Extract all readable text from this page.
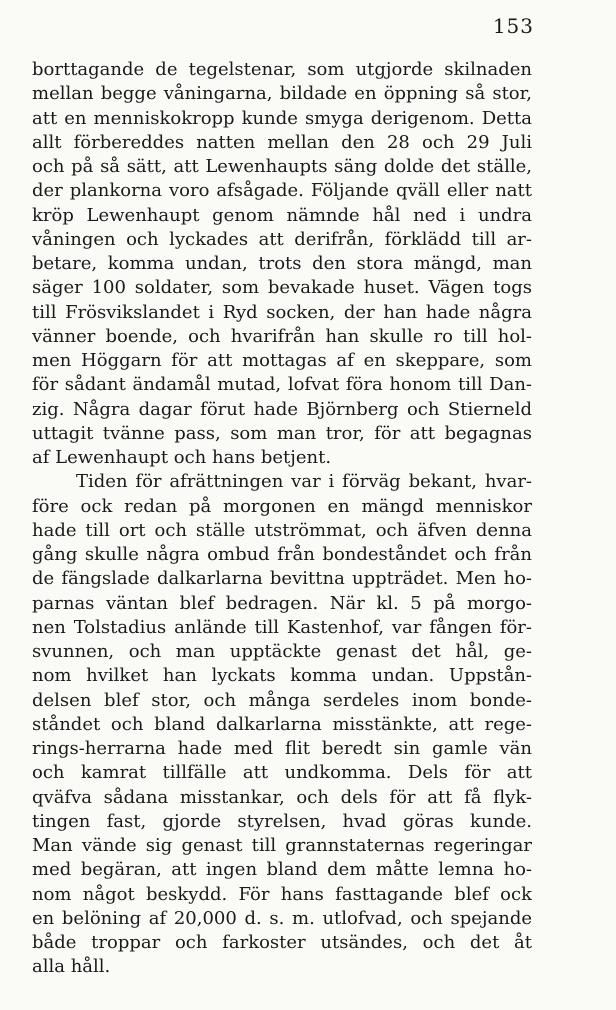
153
borttagande de tegelstenar, som utgjorde skilnaden
mellan begge våningarna, bildade en öppning så stor,
att en menniskokropp kunde smyga derigenom. Detta
allt förbereddes natten mellan den 28 och 29 Juli
och på så sätt, att Lewenhaupts säng dolde det ställe,
der plankorna voro afsågade. Följande qväll eller natt
kröp Lewenhaupt genom nämnde hål ned i undra
våningen och lyckades att derifrån, förklädd till ar-
betare, komma undan, trots den stora mängd, man
säger 100 soldater, som bevakade huset. Vägen togs
till Frösvikslandet i Ryd socken, der han hade några
vänner boende, och hvarifrån han skulle ro till hol-
men Höggarn för att mottagas af en skeppare, som
för sådant ändamål mutad, lofvat föra honom till Dan-
zig. Några dagar förut hade Björnberg och Stierneld
uttagit tvänne pass, som man tror, för att begagnas
af Lewenhaupt och hans betjent.
Tiden för afrättningen var i förväg bekant, hvar-
före ock redan på morgonen en mängd menniskor
hade till ort och ställe utströmmat, och äfven denna
gång skulle några ombud från bondeståndet och från
de fängslade dalkarlarna bevittna uppträdet. Men ho-
parnas väntan blef bedragen. När kl. 5 på morgo-
nen Tolstadius anlände till Kastenhof, var fången för-
svunnen, och man upptäckte genast det hål, ge-
nom hvilket han lyckats komma undan. Uppstån-
delsen blef stor, och många serdeles inom bonde-
ståndet och bland dalkarlarna misstänkte, att rege-
rings-herrarna hade med flit beredt sin gamle vän
och kamrat tillfälle att undkomma. Dels för att
qväfva sådana misstankar, och dels för att få flyk-
tingen fast, gjorde styrelsen, hvad göras kunde.
Man vände sig genast till grannstaternas regeringar
med begäran, att ingen bland dem måtte lemna ho-
nom något beskydd. För hans fasttagande blef ock
en belöning af 20,000 d. s. m. utlofvad, och spejande
både troppar och farkoster utsändes, och det åt
alla håll.
